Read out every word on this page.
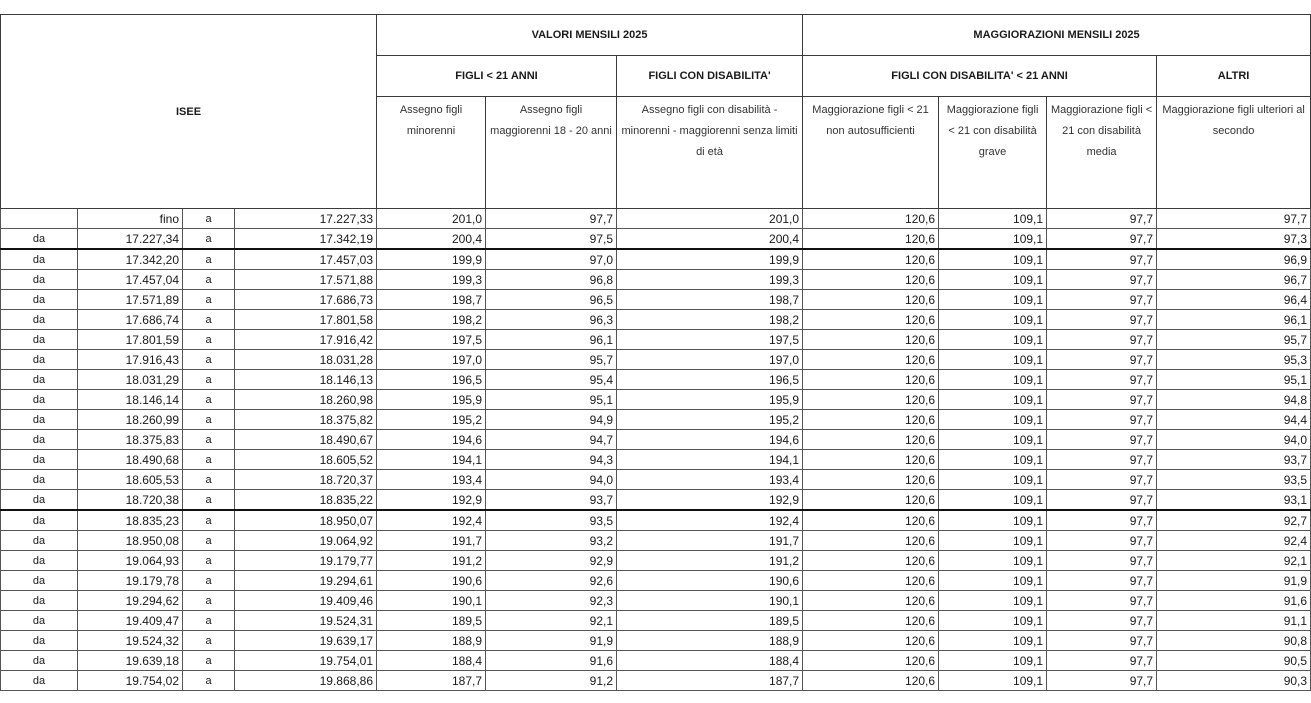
ISEE				VALORI MENSILI 2025			MAGGIORAZIONI MENSILI 2025			
				FIGLI < 21 ANNI		FIGLI CON DISABILITA'	FIGLI CON DISABILITA' < 21 ANNI			ALTRI
				Assegno figli minorenni	Assegno figli maggiorenni 18 - 20 anni	Assegno figli con disabilità - minorenni - maggiorenni senza limiti di età	Maggiorazione figli < 21 non autosufficienti	Maggiorazione figli < 21 con disabilità grave	Maggiorazione figli < 21 con disabilità media	Maggiorazione figli ulteriori al secondo
	fino	a	17.227,33	201,0	97,7	201,0	120,6	109,1	97,7	97,7
da	17.227,34	a	17.342,19	200,4	97,5	200,4	120,6	109,1	97,7	97,3
da	17.342,20	a	17.457,03	199,9	97,0	199,9	120,6	109,1	97,7	96,9
da	17.457,04	a	17.571,88	199,3	96,8	199,3	120,6	109,1	97,7	96,7
da	17.571,89	a	17.686,73	198,7	96,5	198,7	120,6	109,1	97,7	96,4
da	17.686,74	a	17.801,58	198,2	96,3	198,2	120,6	109,1	97,7	96,1
da	17.801,59	a	17.916,42	197,5	96,1	197,5	120,6	109,1	97,7	95,7
da	17.916,43	a	18.031,28	197,0	95,7	197,0	120,6	109,1	97,7	95,3
da	18.031,29	a	18.146,13	196,5	95,4	196,5	120,6	109,1	97,7	95,1
da	18.146,14	a	18.260,98	195,9	95,1	195,9	120,6	109,1	97,7	94,8
da	18.260,99	a	18.375,82	195,2	94,9	195,2	120,6	109,1	97,7	94,4
da	18.375,83	a	18.490,67	194,6	94,7	194,6	120,6	109,1	97,7	94,0
da	18.490,68	a	18.605,52	194,1	94,3	194,1	120,6	109,1	97,7	93,7
da	18.605,53	a	18.720,37	193,4	94,0	193,4	120,6	109,1	97,7	93,5
da	18.720,38	a	18.835,22	192,9	93,7	192,9	120,6	109,1	97,7	93,1
da	18.835,23	a	18.950,07	192,4	93,5	192,4	120,6	109,1	97,7	92,7
da	18.950,08	a	19.064,92	191,7	93,2	191,7	120,6	109,1	97,7	92,4
da	19.064,93	a	19.179,77	191,2	92,9	191,2	120,6	109,1	97,7	92,1
da	19.179,78	a	19.294,61	190,6	92,6	190,6	120,6	109,1	97,7	91,9
da	19.294,62	a	19.409,46	190,1	92,3	190,1	120,6	109,1	97,7	91,6
da	19.409,47	a	19.524,31	189,5	92,1	189,5	120,6	109,1	97,7	91,1
da	19.524,32	a	19.639,17	188,9	91,9	188,9	120,6	109,1	97,7	90,8
da	19.639,18	a	19.754,01	188,4	91,6	188,4	120,6	109,1	97,7	90,5
da	19.754,02	a	19.868,86	187,7	91,2	187,7	120,6	109,1	97,7	90,3
